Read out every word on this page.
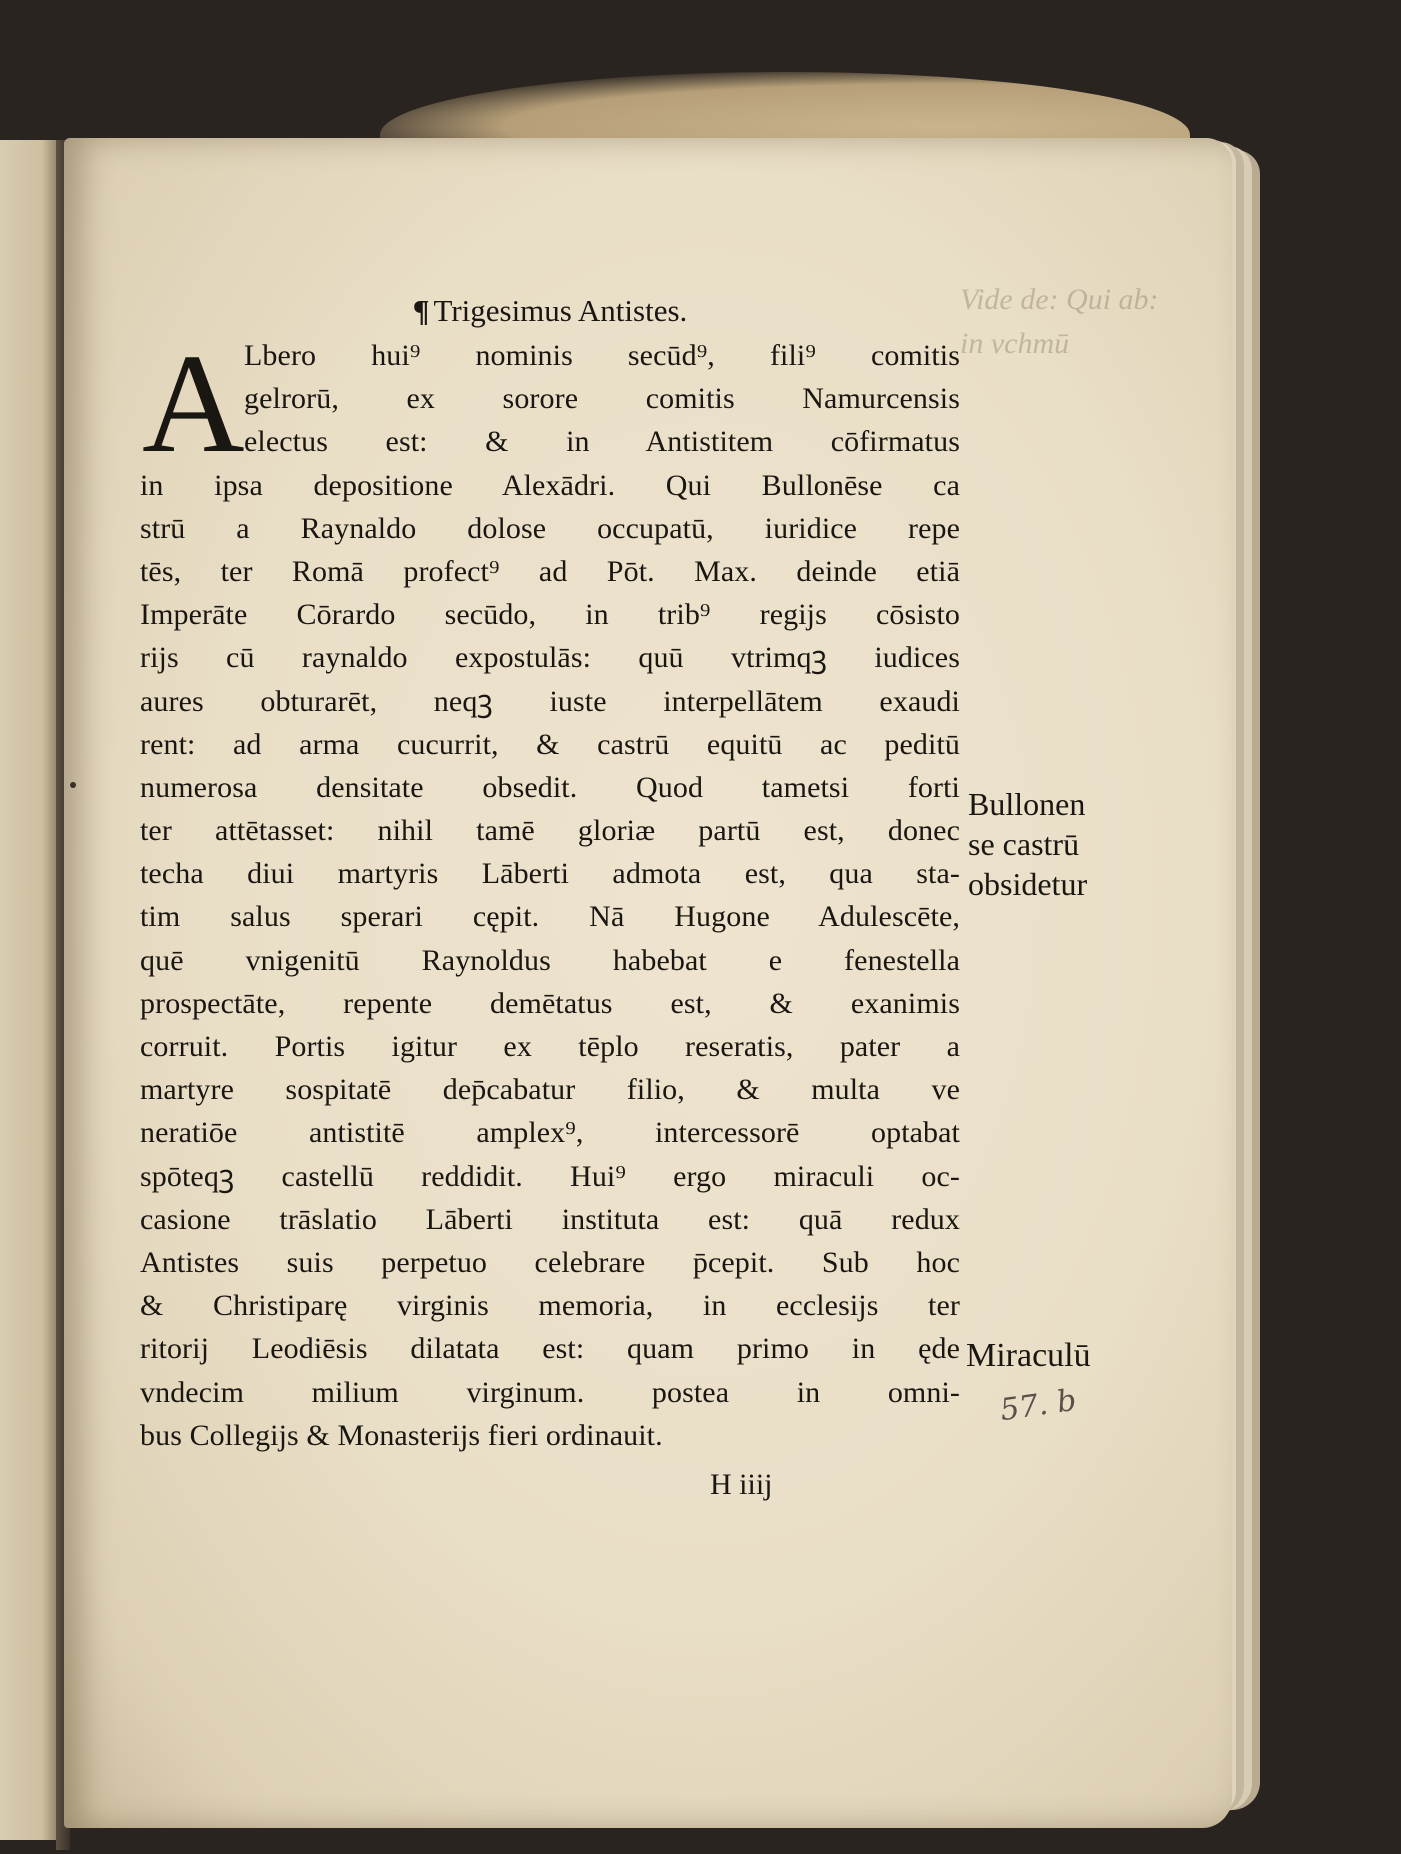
Vide de: Qui ab:
in vchmū
¶ Trigesimus Antistes.
A Lbero hui⁹ nominis secūd⁹, fili⁹ comitis
gelrorū, ex sorore comitis Namurcensis
electus est: & in Antistitem cōfirmatus
in ipsa depositione Alexādri. Qui Bullonēse ca
strū a Raynaldo dolose occupatū, iuridice repe
tēs, ter Romā profect⁹ ad Pōt. Max. deinde etiā
Imperāte Cōrardo secūdo, in trib⁹ regijs cōsisto
rijs cū raynaldo expostulās: quū vtrimqꝫ iudices
aures obturarēt, neqꝫ iuste interpellātem exaudi
rent: ad arma cucurrit, & castrū equitū ac peditū
numerosa densitate obsedit. Quod tametsi forti
ter attētasset: nihil tamē gloriæ partū est, donec
techa diui martyris Lāberti admota est, qua sta-
tim salus sperari cępit. Nā Hugone Adulescēte,
quē vnigenitū Raynoldus habebat e fenestella
prospectāte, repente demētatus est, & exanimis
corruit. Portis igitur ex tēplo reseratis, pater a
martyre sospitatē dep̄cabatur filio, & multa ve
neratiōe antistitē amplex⁹, intercessorē optabat
spōteqꝫ castellū reddidit. Hui⁹ ergo miraculi oc-
casione trāslatio Lāberti instituta est: quā redux
Antistes suis perpetuo celebrare p̄cepit. Sub hoc
& Christiparę virginis memoria, in ecclesijs ter
ritorij Leodiēsis dilatata est: quam primo in ęde
vndecim milium virginum. postea in omni-
bus Collegijs & Monasterijs fieri ordinauit.
H iiij
Bullonen
se castrū
obsidetur
Miraculū
57. b
